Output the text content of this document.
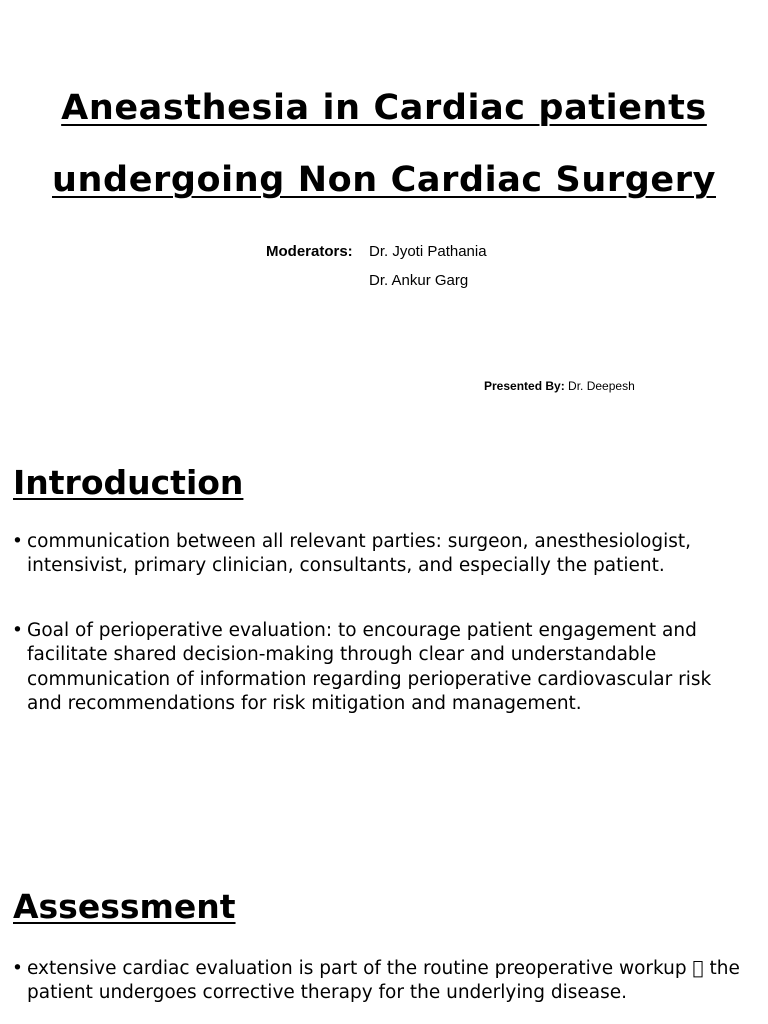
Aneasthesia in Cardiac patients
undergoing Non Cardiac Surgery
Moderators: Dr. Jyoti Pathania
Dr. Ankur Garg
Presented By: Dr. Deepesh
Introduction
• communication between all relevant parties: surgeon, anesthesiologist, intensivist, primary clinician, consultants, and especially the patient.
• Goal of perioperative evaluation: to encourage patient engagement and facilitate shared decision-making through clear and understandable communication of information regarding perioperative cardiovascular risk and recommendations for risk mitigation and management.
Assessment
• extensive cardiac evaluation is part of the routine preoperative workup the patient undergoes corrective therapy for the underlying disease.
